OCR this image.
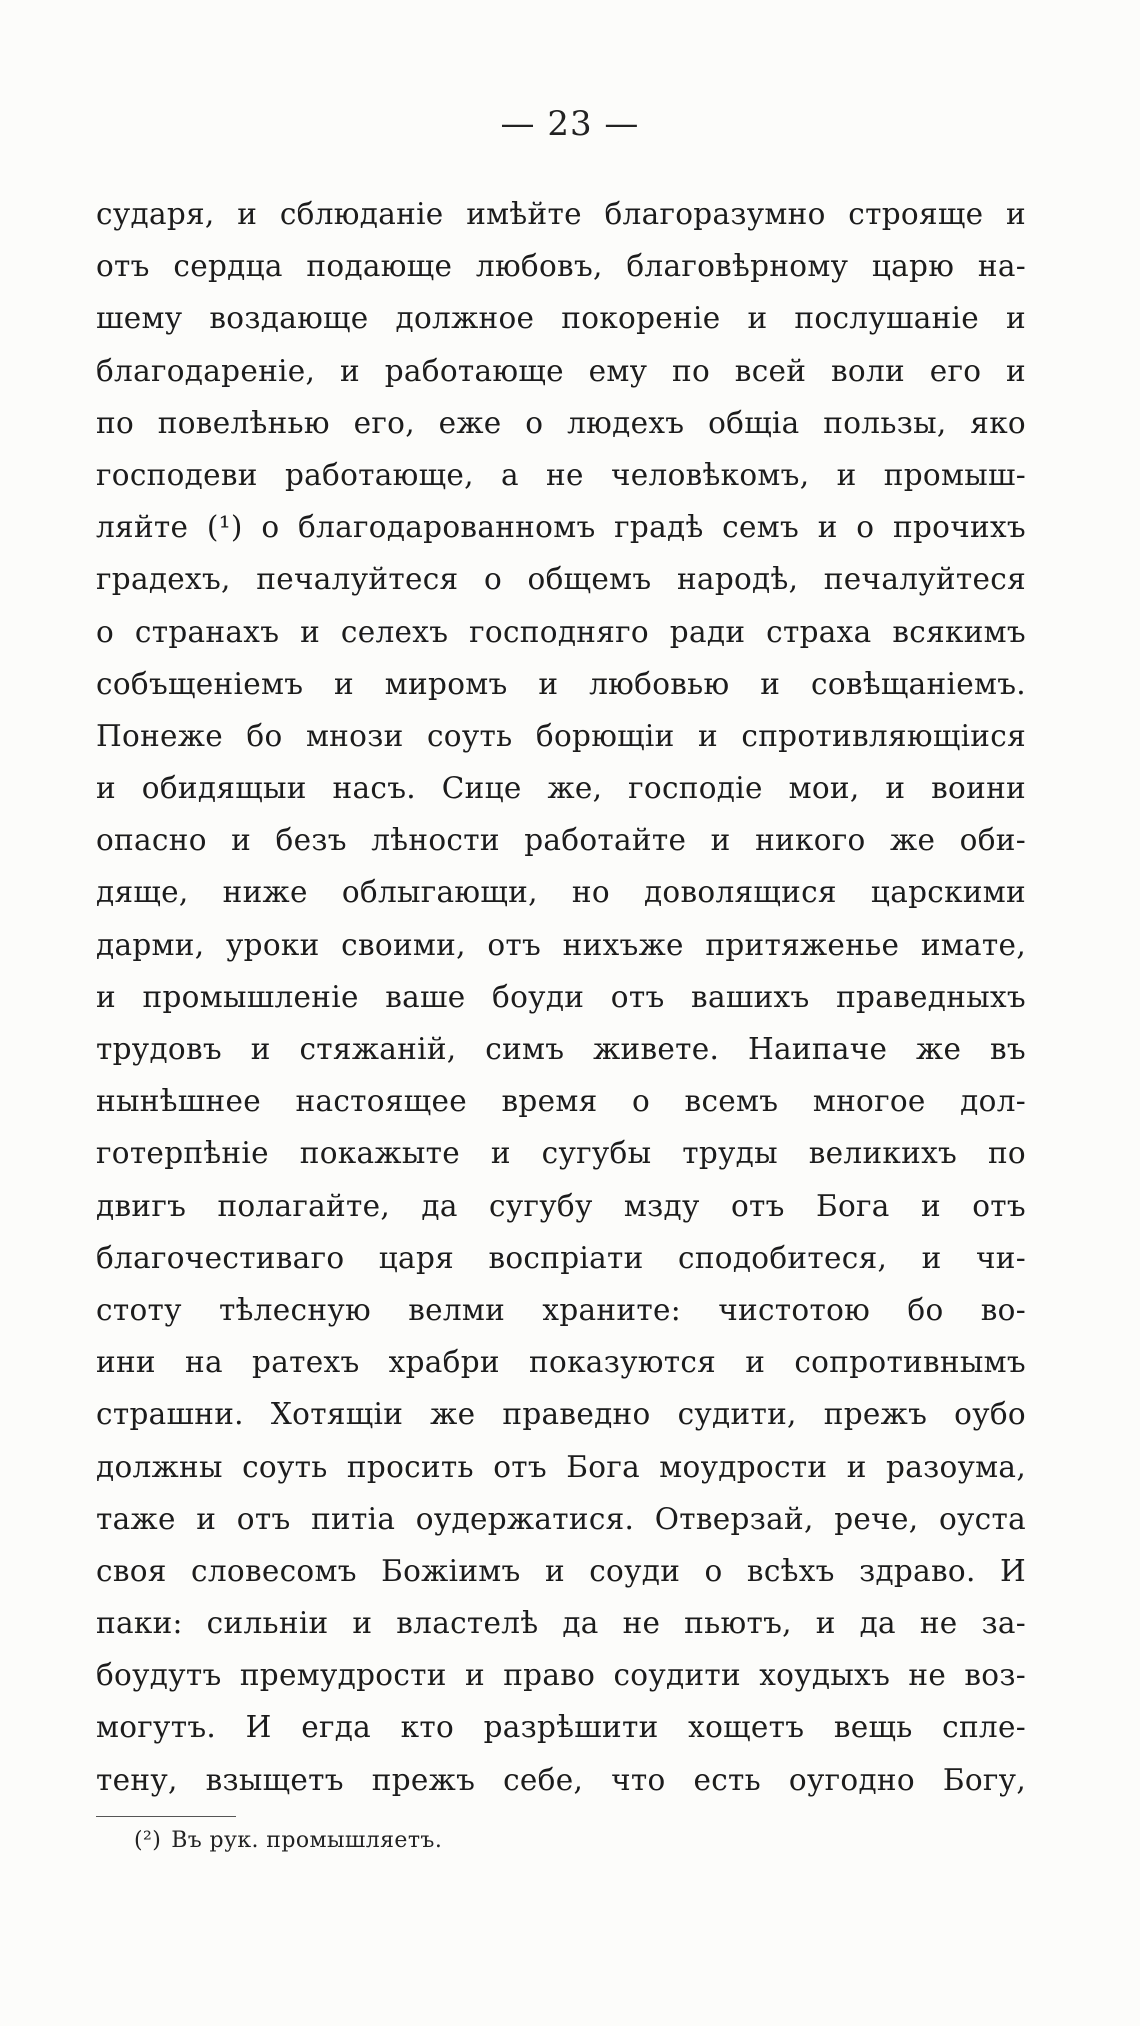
— 23 —
сударя, и сблюданіе имѣйте благоразумно строяще и
отъ сердца подающе любовъ, благовѣрному царю на-
шему воздающе должное покореніе и послушаніе и
благодареніе, и работающе ему по всей воли его и
по повелѣнью его, еже о людехъ общіа пользы, яко
господеви работающе, а не человѣкомъ, и промыш-
ляйте (¹) о благодарованномъ градѣ семъ и о прочихъ
градехъ, печалуйтеся о общемъ народѣ, печалуйтеся
о странахъ и селехъ господняго ради страха всякимъ
собъщеніемъ и миромъ и любовью и совѣщаніемъ.
Понеже бо мнози соуть борющіи и спротивляющіися
и обидящыи насъ. Сице же, господіе мои, и воини
опасно и безъ лѣности работайте и никого же оби-
дяще, ниже облыгающи, но доволящися царскими
дарми, уроки своими, отъ нихъже притяженье имате,
и промышленіе ваше боуди отъ вашихъ праведныхъ
трудовъ и стяжаній, симъ живете. Наипаче же въ
нынѣшнее настоящее время о всемъ многое дол-
готерпѣніе покажыте и сугубы труды великихъ по
двигъ полагайте, да сугубу мзду отъ Бога и отъ
благочестиваго царя воспріати сподобитеся, и чи-
стоту тѣлесную велми храните: чистотою бо во-
ини на ратехъ храбри показуются и сопротивнымъ
страшни. Хотящіи же праведно судити, прежъ оубо
должны соуть просить отъ Бога моудрости и разоума,
таже и отъ питіа оудержатися. Отверзай, рече, оуста
своя словесомъ Божіимъ и соуди о всѣхъ здраво. И
паки: сильніи и властелѣ да не пьютъ, и да не за-
боудутъ премудрости и право соудити хоудыхъ не воз-
могутъ. И егда кто разрѣшити хощетъ вещь сплe-
тену, взыщетъ прежъ себе, что есть оугодно Богу,
(²) Въ рук. промышляетъ.
